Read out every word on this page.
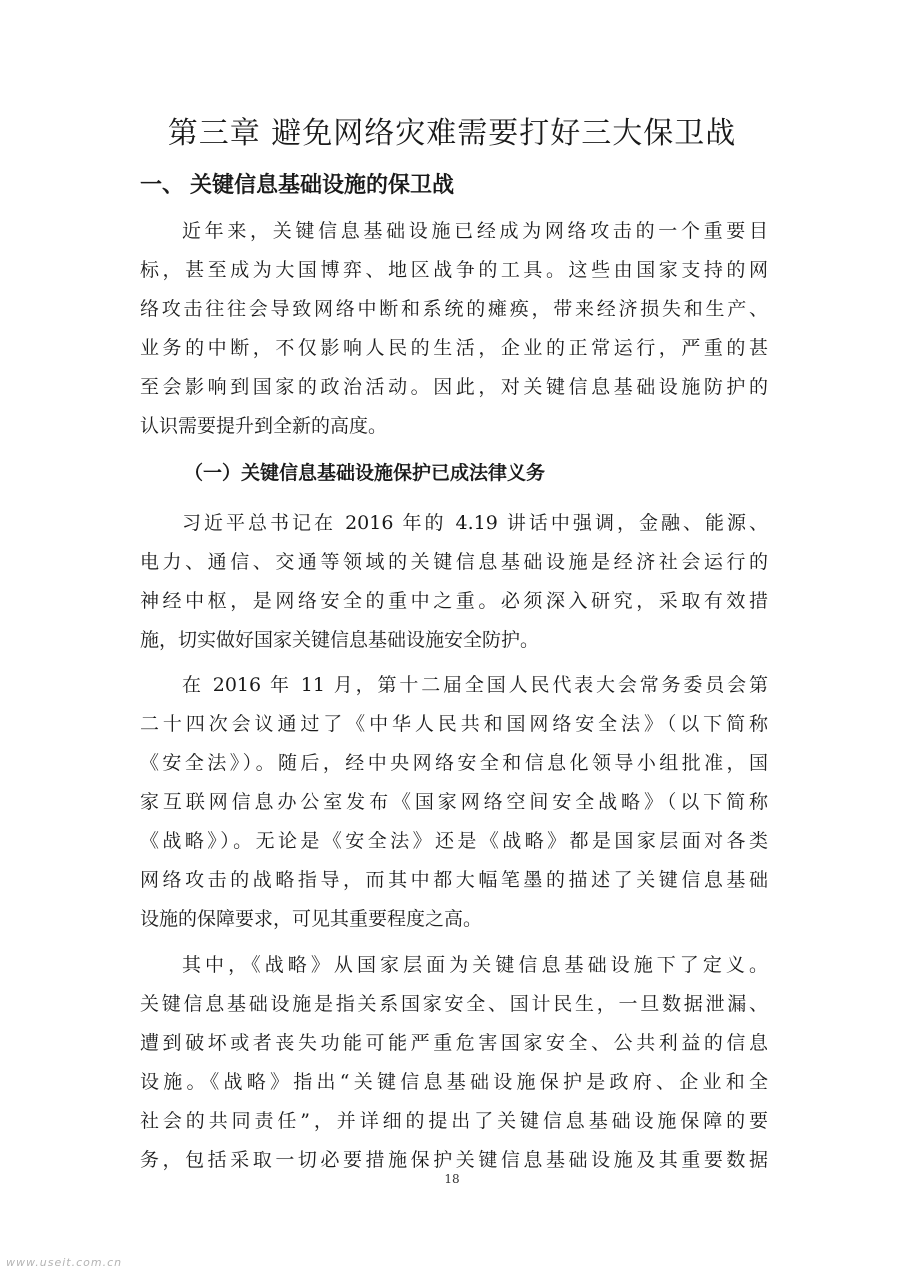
第三章 避免网络灾难需要打好三大保卫战
一、 关键信息基础设施的保卫战
近年来，关键信息基础设施已经成为网络攻击的一个重要目
标，甚至成为大国博弈、地区战争的工具。这些由国家支持的网
络攻击往往会导致网络中断和系统的瘫痪，带来经济损失和生产、
业务的中断，不仅影响人民的生活，企业的正常运行，严重的甚
至会影响到国家的政治活动。因此，对关键信息基础设施防护的
认识需要提升到全新的高度。
（一）关键信息基础设施保护已成法律义务
习近平总书记在 2016 年的 4.19 讲话中强调，金融、能源、
电力、通信、交通等领域的关键信息基础设施是经济社会运行的
神经中枢，是网络安全的重中之重。必须深入研究，采取有效措
施，切实做好国家关键信息基础设施安全防护。
在 2016 年 11 月，第十二届全国人民代表大会常务委员会第
二十四次会议通过了《中华人民共和国网络安全法》（以下简称
《安全法》）。随后，经中央网络安全和信息化领导小组批准，国
家互联网信息办公室发布《国家网络空间安全战略》（以下简称
《战略》）。无论是《安全法》还是《战略》都是国家层面对各类
网络攻击的战略指导，而其中都大幅笔墨的描述了关键信息基础
设施的保障要求，可见其重要程度之高。
其中，《战略》从国家层面为关键信息基础设施下了定义。
关键信息基础设施是指关系国家安全、国计民生，一旦数据泄漏、
遭到破坏或者丧失功能可能严重危害国家安全、公共利益的信息
设施。《战略》指出“关键信息基础设施保护是政府、企业和全
社会的共同责任”，并详细的提出了关键信息基础设施保障的要
务，包括采取一切必要措施保护关键信息基础设施及其重要数据
18
www.useit.com.cn
